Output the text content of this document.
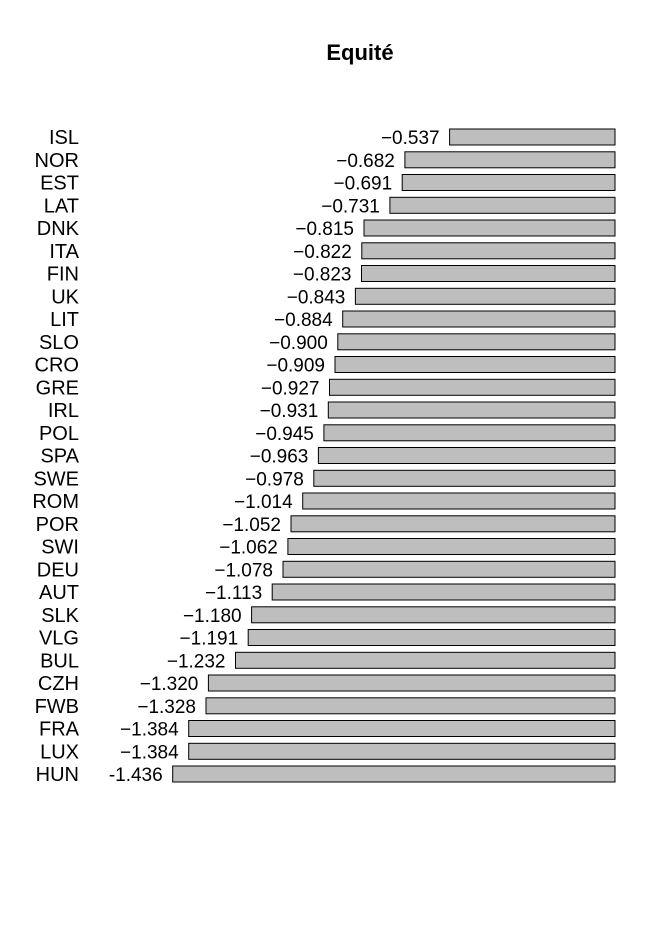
Equité
ISL	−0.537
NOR	−0.682
EST	−0.691
LAT	−0.731
DNK	−0.815
ITA	−0.822
FIN	−0.823
UK	−0.843
LIT	−0.884
SLO	−0.900
CRO	−0.909
GRE	−0.927
IRL	−0.931
POL	−0.945
SPA	−0.963
SWE	−0.978
ROM	−1.014
POR	−1.052
SWI	−1.062
DEU	−1.078
AUT	−1.113
SLK	−1.180
VLG	−1.191
BUL	−1.232
CZH	−1.320
FWB	−1.328
FRA −1.384
LUX −1.384
HUN -1.436
